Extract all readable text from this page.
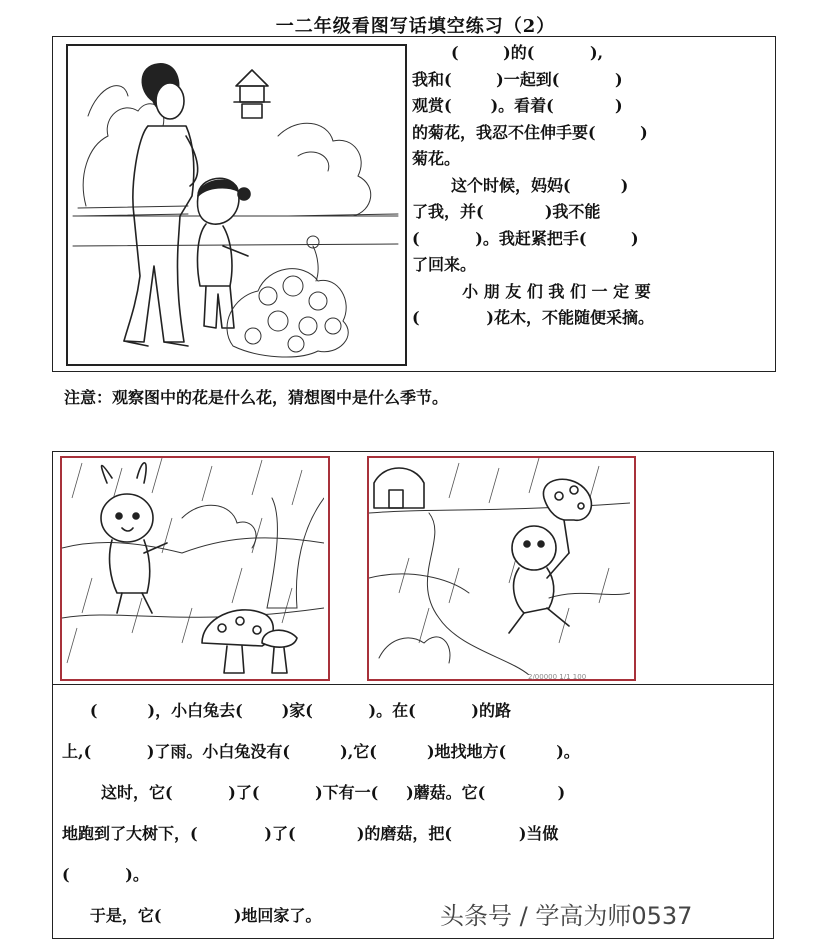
一二年级看图写话填空练习（2）
(        )的(          ),
我和(        )一起到(          )
观赏(       )。看着(           )
的菊花，我忍不住伸手要(        )
菊花。
这个时候，妈妈(         )
了我，并(           )我不能
(          )。我赶紧把手(        )
了回来。
小 朋 友 们 我 们 一 定 要
(            )花木，不能随便采摘。
注意：观察图中的花是什么花，猜想图中是什么季节。
2/00000 1/1 100
(         )，小白兔去(       )家(          )。在(          )的路
上,(          )了雨。小白兔没有(         ),它(         )地找地方(         )。
这时，它(          )了(          )下有一(     )蘑菇。它(             )
地跑到了大树下，(            )了(           )的磨菇，把(            )当做
(          )。
于是，它(             )地回家了。	头条号 / 学高为师0537
